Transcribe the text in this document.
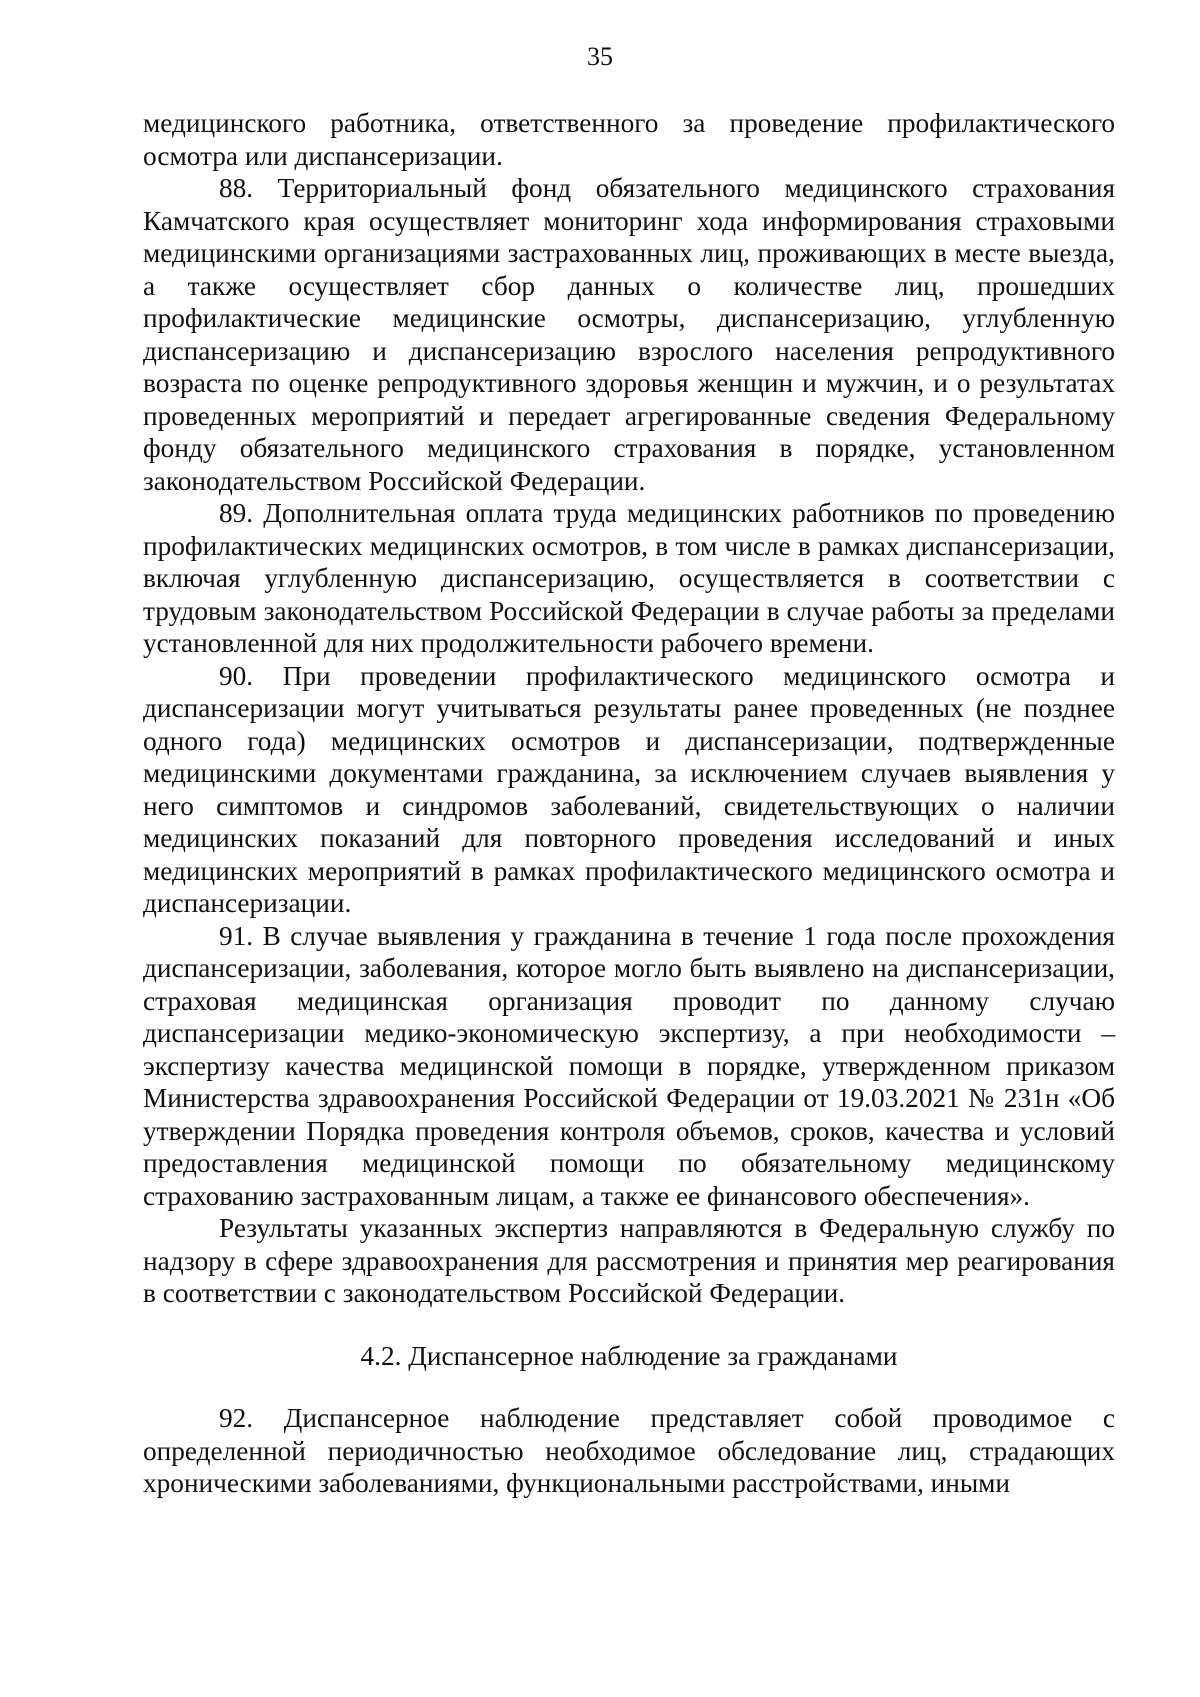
35

медицинского работника, ответственного за проведение профилактического осмотра или диспансеризации.

88. Территориальный фонд обязательного медицинского страхования Камчатского края осуществляет мониторинг хода информирования страховыми медицинскими организациями застрахованных лиц, проживающих в месте выезда, а также осуществляет сбор данных о количестве лиц, прошедших профилактические медицинские осмотры, диспансеризацию, углубленную диспансеризацию и диспансеризацию взрослого населения репродуктивного возраста по оценке репродуктивного здоровья женщин и мужчин, и о результатах проведенных мероприятий и передает агрегированные сведения Федеральному фонду обязательного медицинского страхования в порядке, установленном законодательством Российской Федерации.

89. Дополнительная оплата труда медицинских работников по проведению профилактических медицинских осмотров, в том числе в рамках диспансеризации, включая углубленную диспансеризацию, осуществляется в соответствии с трудовым законодательством Российской Федерации в случае работы за пределами установленной для них продолжительности рабочего времени.

90. При проведении профилактического медицинского осмотра и диспансеризации могут учитываться результаты ранее проведенных (не позднее одного года) медицинских осмотров и диспансеризации, подтвержденные медицинскими документами гражданина, за исключением случаев выявления у него симптомов и синдромов заболеваний, свидетельствующих о наличии медицинских показаний для повторного проведения исследований и иных медицинских мероприятий в рамках профилактического медицинского осмотра и диспансеризации.

91. В случае выявления у гражданина в течение 1 года после прохождения диспансеризации, заболевания, которое могло быть выявлено на диспансеризации, страховая медицинская организация проводит по данному случаю диспансеризации медико-экономическую экспертизу, а при необходимости – экспертизу качества медицинской помощи в порядке, утвержденном приказом Министерства здравоохранения Российской Федерации от 19.03.2021 № 231н «Об утверждении Порядка проведения контроля объемов, сроков, качества и условий предоставления медицинской помощи по обязательному медицинскому страхованию застрахованным лицам, а также ее финансового обеспечения».

Результаты указанных экспертиз направляются в Федеральную службу по надзору в сфере здравоохранения для рассмотрения и принятия мер реагирования в соответствии с законодательством Российской Федерации.

4.2. Диспансерное наблюдение за гражданами

92. Диспансерное наблюдение представляет собой проводимое с определенной периодичностью необходимое обследование лиц, страдающих хроническими заболеваниями, функциональными расстройствами, иными
